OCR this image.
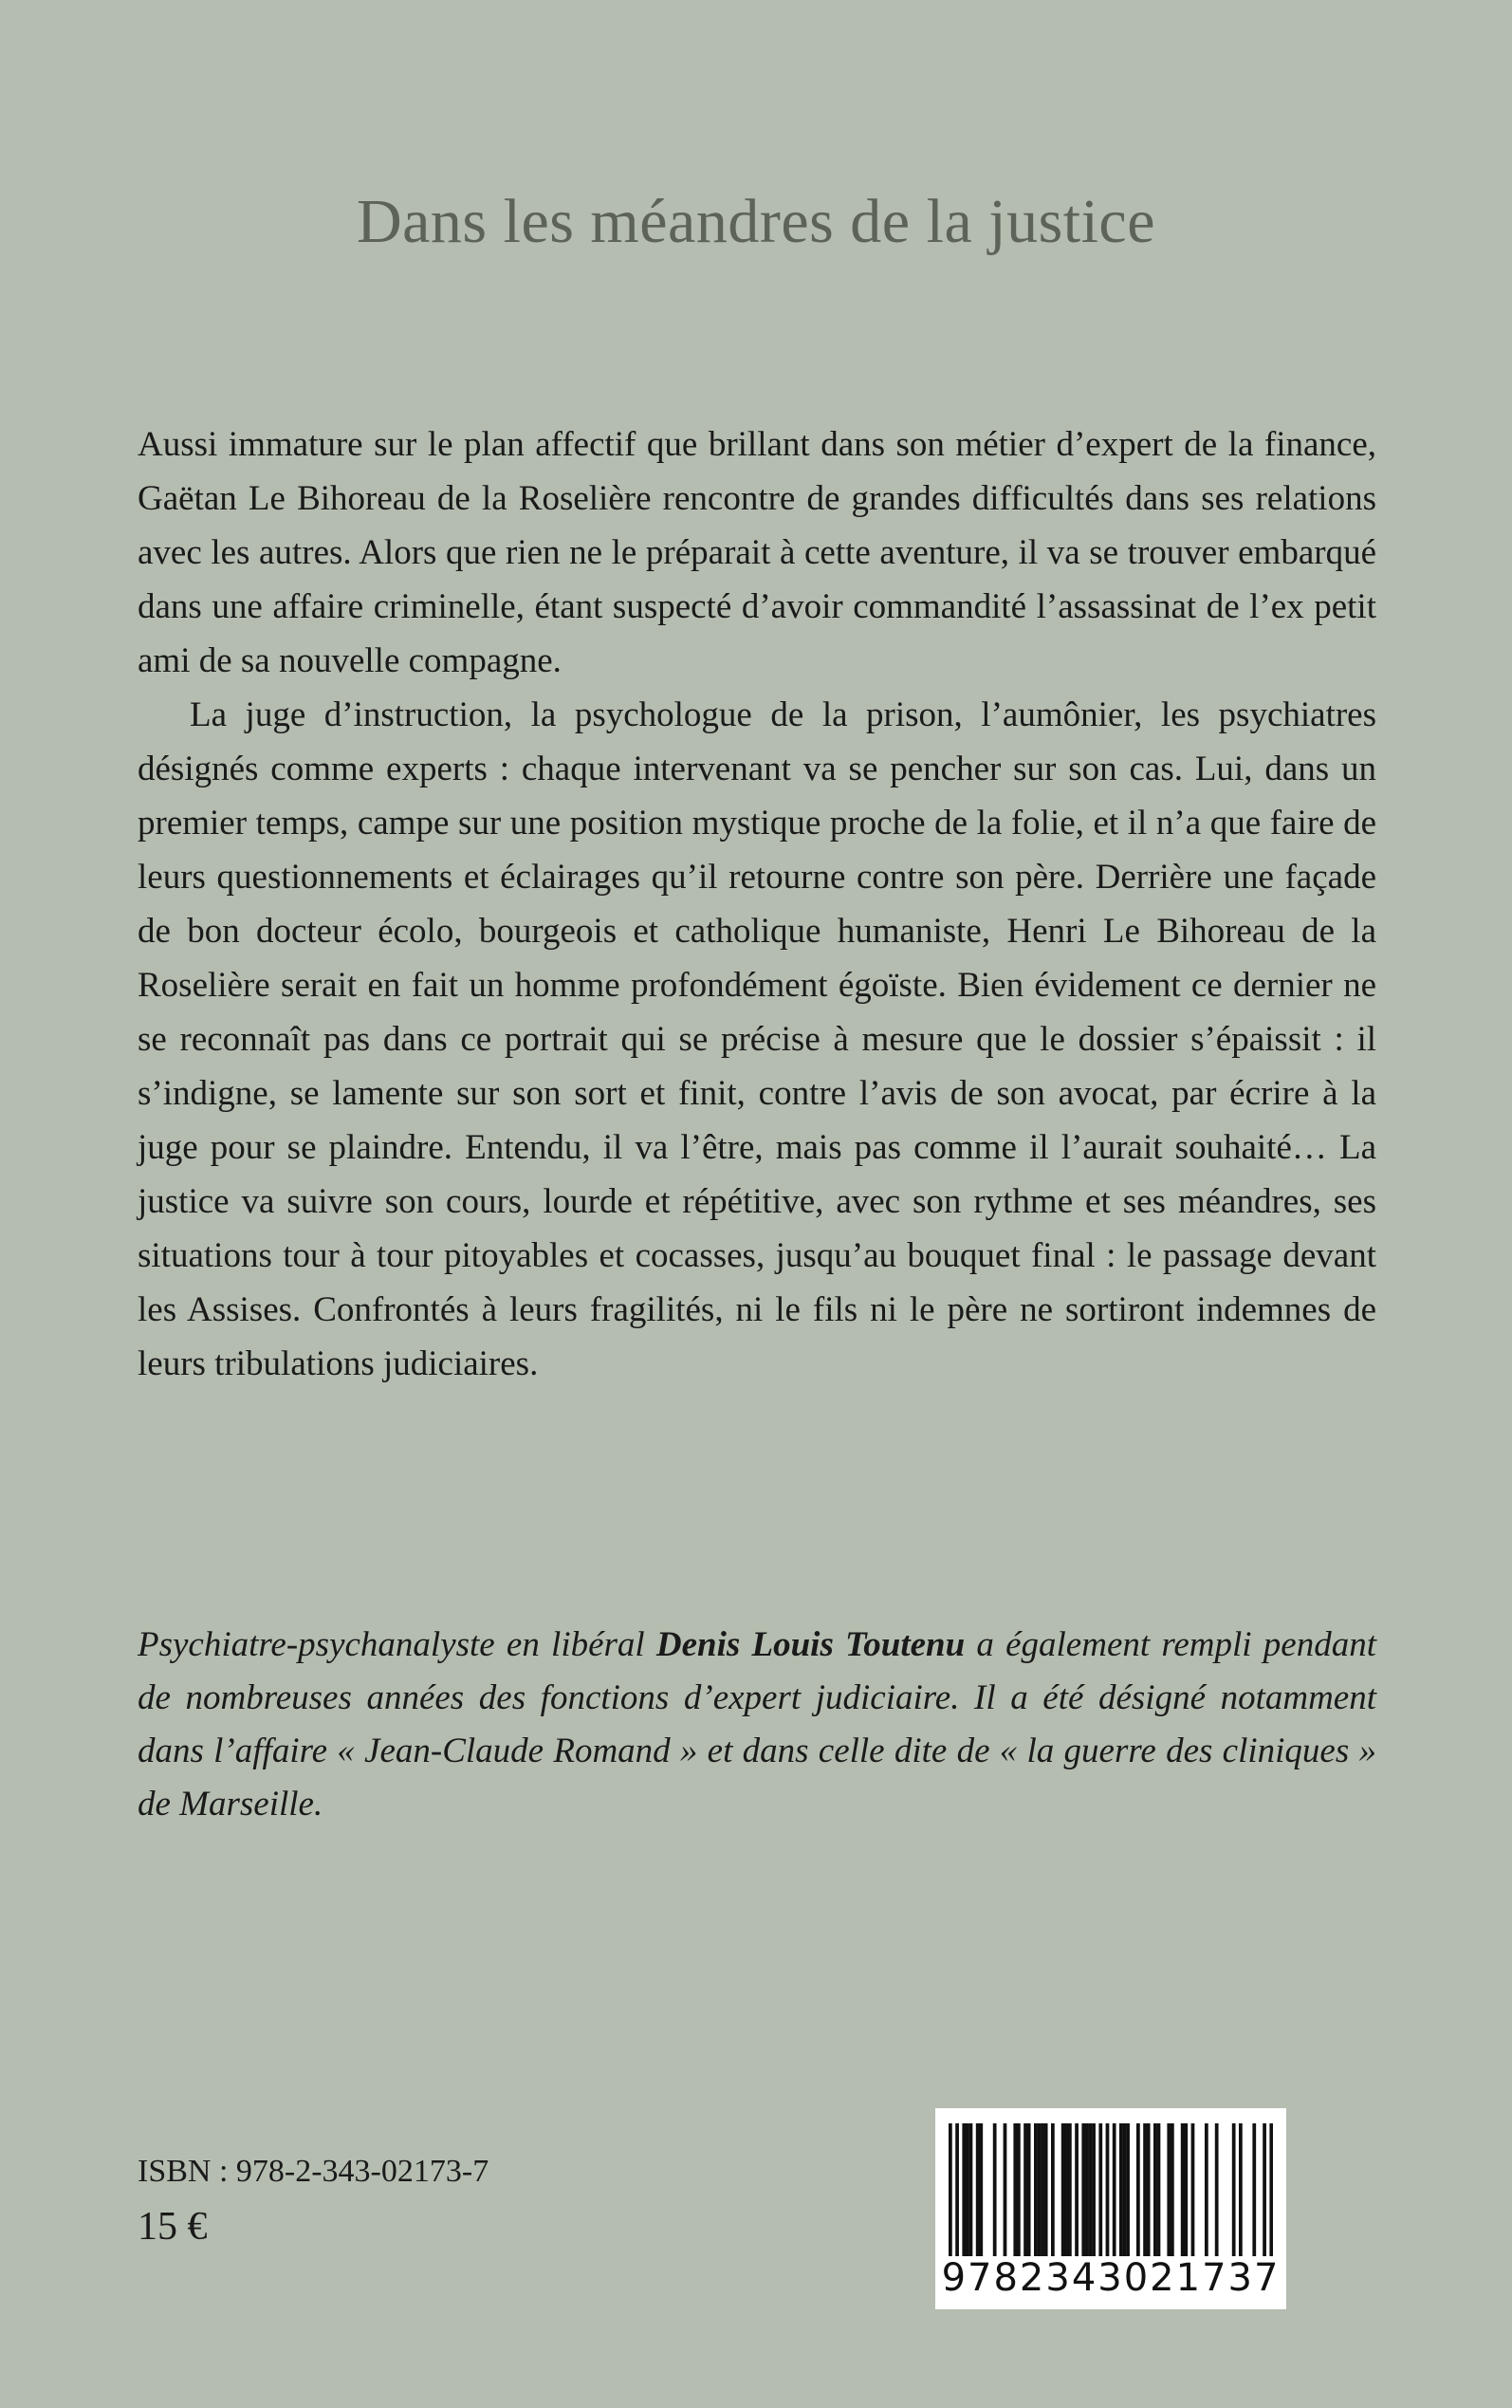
Dans les méandres de la justice

Aussi immature sur le plan affectif que brillant dans son métier d’expert de la finance, Gaëtan Le Bihoreau de la Roselière rencontre de grandes difficultés dans ses relations avec les autres. Alors que rien ne le préparait à cette aventure, il va se trouver embarqué dans une affaire criminelle, étant suspecté d’avoir commandité l’assassinat de l’ex petit ami de sa nouvelle compagne.

La juge d’instruction, la psychologue de la prison, l’aumônier, les psychiatres désignés comme experts : chaque intervenant va se pencher sur son cas. Lui, dans un premier temps, campe sur une position mystique proche de la folie, et il n’a que faire de leurs questionnements et éclairages qu’il retourne contre son père. Derrière une façade de bon docteur écolo, bourgeois et catholique humaniste, Henri Le Bihoreau de la Roselière serait en fait un homme profondément égoïste. Bien évidement ce dernier ne se reconnaît pas dans ce portrait qui se précise à mesure que le dossier s’épaissit : il s’indigne, se lamente sur son sort et finit, contre l’avis de son avocat, par écrire à la juge pour se plaindre. Entendu, il va l’être, mais pas comme il l’aurait souhaité… La justice va suivre son cours, lourde et répétitive, avec son rythme et ses méandres, ses situations tour à tour pitoyables et cocasses, jusqu’au bouquet final : le passage devant les Assises. Confrontés à leurs fragilités, ni le fils ni le père ne sortiront indemnes de leurs tribulations judiciaires.

Psychiatre-psychanalyste en libéral Denis Louis Toutenu a également rempli pendant de nombreuses années des fonctions d’expert judiciaire. Il a été désigné notamment dans l’affaire « Jean-Claude Romand » et dans celle dite de « la guerre des cliniques » de Marseille.
ISBN : 978-2-343-02173-7
15 €
9782343021737
